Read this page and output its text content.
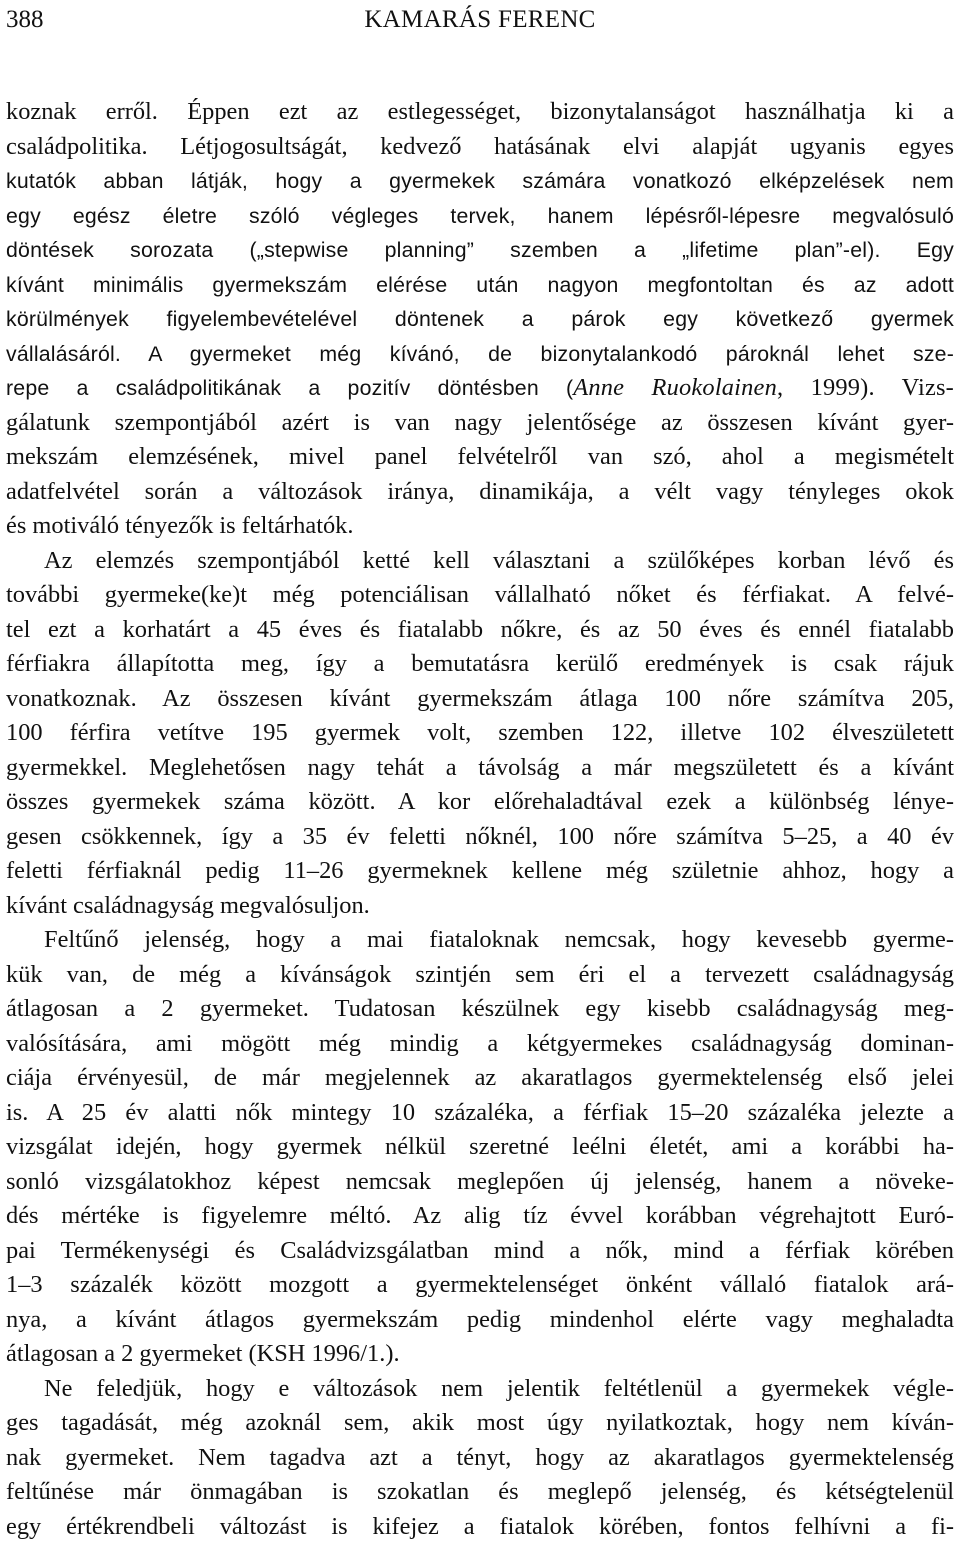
388	KAMARÁS FERENC
koznak erről. Éppen ezt az estlegességet, bizonytalanságot használhatja ki a
családpolitika. Létjogosultságát, kedvező hatásának elvi alapját ugyanis egyes
kutatók abban látják, hogy a gyermekek számára vonatkozó elképzelések nem
egy egész életre szóló végleges tervek, hanem lépésről-lépesre megvalósuló
döntések sorozata („stepwise planning” szemben a „lifetime plan”-el). Egy
kívánt minimális gyermekszám elérése után nagyon megfontoltan és az adott
körülmények figyelembevételével döntenek a párok egy következő gyermek
vállalásáról. A gyermeket még kívánó, de bizonytalankodó pároknál lehet sze-
repe a családpolitikának a pozitív döntésben (Anne Ruokolainen, 1999). Vizs-
gálatunk szempontjából azért is van nagy jelentősége az összesen kívánt gyer-
mekszám elemzésének, mivel panel felvételről van szó, ahol a megismételt
adatfelvétel során a változások iránya, dinamikája, a vélt vagy tényleges okok
és motiváló tényezők is feltárhatók.
Az elemzés szempontjából ketté kell választani a szülőképes korban lévő és
további gyermeke(ke)t még potenciálisan vállalható nőket és férfiakat. A felvé-
tel ezt a korhatárt a 45 éves és fiatalabb nőkre, és az 50 éves és ennél fiatalabb
férfiakra állapította meg, így a bemutatásra kerülő eredmények is csak rájuk
vonatkoznak. Az összesen kívánt gyermekszám átlaga 100 nőre számítva 205,
100 férfira vetítve 195 gyermek volt, szemben 122, illetve 102 élveszületett
gyermekkel. Meglehetősen nagy tehát a távolság a már megszületett és a kívánt
összes gyermekek száma között. A kor előrehaladtával ezek a különbség lénye-
gesen csökkennek, így a 35 év feletti nőknél, 100 nőre számítva 5–25, a 40 év
feletti férfiaknál pedig 11–26 gyermeknek kellene még születnie ahhoz, hogy a
kívánt családnagyság megvalósuljon.
Feltűnő jelenség, hogy a mai fiataloknak nemcsak, hogy kevesebb gyerme-
kük van, de még a kívánságok szintjén sem éri el a tervezett családnagyság
átlagosan a 2 gyermeket. Tudatosan készülnek egy kisebb családnagyság meg-
valósítására, ami mögött még mindig a kétgyermekes családnagyság dominan-
ciája érvényesül, de már megjelennek az akaratlagos gyermektelenség első jelei
is. A 25 év alatti nők mintegy 10 százaléka, a férfiak 15–20 százaléka jelezte a
vizsgálat idején, hogy gyermek nélkül szeretné leélni életét, ami a korábbi ha-
sonló vizsgálatokhoz képest nemcsak meglepően új jelenség, hanem a növeke-
dés mértéke is figyelemre méltó. Az alig tíz évvel korábban végrehajtott Euró-
pai Termékenységi és Családvizsgálatban mind a nők, mind a férfiak körében
1–3 százalék között mozgott a gyermektelenséget önként vállaló fiatalok ará-
nya, a kívánt átlagos gyermekszám pedig mindenhol elérte vagy meghaladta
átlagosan a 2 gyermeket (KSH 1996/1.).
Ne feledjük, hogy e változások nem jelentik feltétlenül a gyermekek végle-
ges tagadását, még azoknál sem, akik most úgy nyilatkoztak, hogy nem kíván-
nak gyermeket. Nem tagadva azt a tényt, hogy az akaratlagos gyermektelenség
feltűnése már önmagában is szokatlan és meglepő jelenség, és kétségtelenül
egy értékrendbeli változást is kifejez a fiatalok körében, fontos felhívni a fi-
